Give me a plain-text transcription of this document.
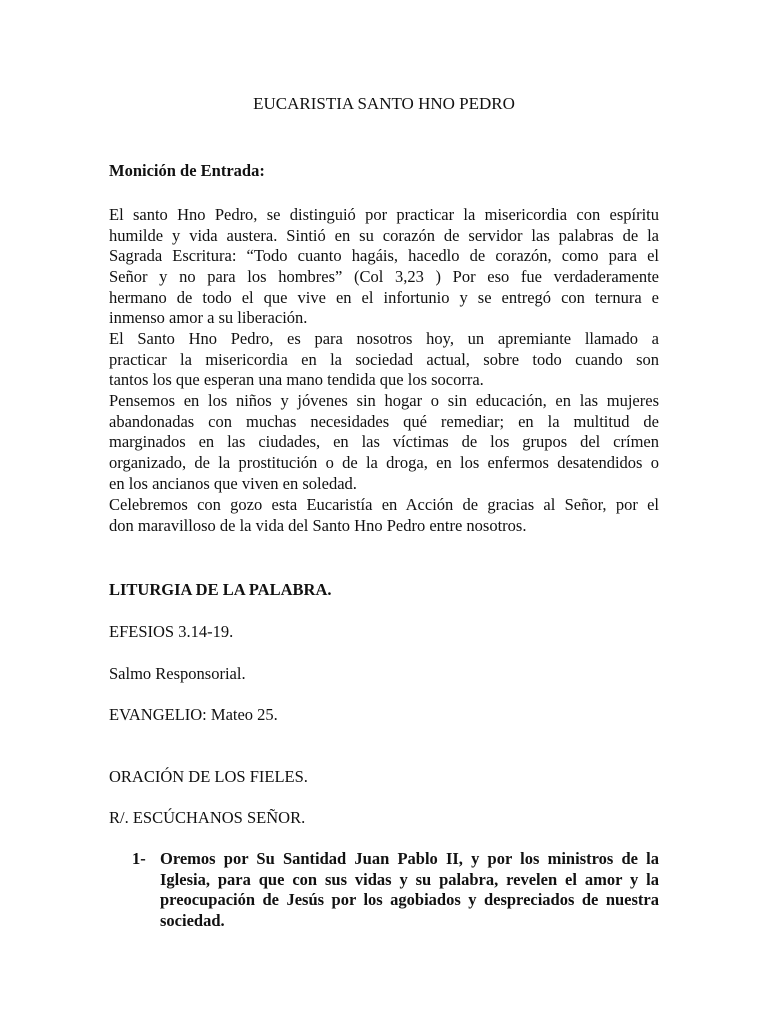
EUCARISTIA SANTO HNO PEDRO
Monición de Entrada:
El santo Hno Pedro, se distinguió por practicar la misericordia con espíritu
humilde y vida austera. Sintió en su corazón de servidor las palabras de la
Sagrada Escritura: “Todo cuanto hagáis, hacedlo de corazón, como para el
Señor y no para los hombres” (Col 3,23 ) Por eso fue verdaderamente
hermano de todo el que vive en el infortunio y se entregó con ternura e
inmenso amor a su liberación.
El Santo Hno Pedro, es para nosotros hoy, un apremiante llamado a
practicar la misericordia en la sociedad actual, sobre todo cuando son
tantos los que esperan una mano tendida que los socorra.
Pensemos en los niños y jóvenes sin hogar o sin educación, en las mujeres
abandonadas con muchas necesidades qué remediar; en la multitud de
marginados en las ciudades, en las víctimas de los grupos del crímen
organizado, de la prostitución o de la droga, en los enfermos desatendidos o
en los ancianos que viven en soledad.
Celebremos con gozo esta Eucaristía en Acción de gracias al Señor, por el
don maravilloso de la vida del Santo Hno Pedro entre nosotros.
LITURGIA DE LA PALABRA.
EFESIOS 3.14-19.
Salmo Responsorial.
EVANGELIO: Mateo 25.
ORACIÓN DE LOS FIELES.
R/. ESCÚCHANOS SEÑOR.
1- Oremos por Su Santidad Juan Pablo II, y por los ministros de la
Iglesia, para que con sus vidas y su palabra, revelen el amor y la
preocupación de Jesús por los agobiados y despreciados de nuestra
sociedad.
